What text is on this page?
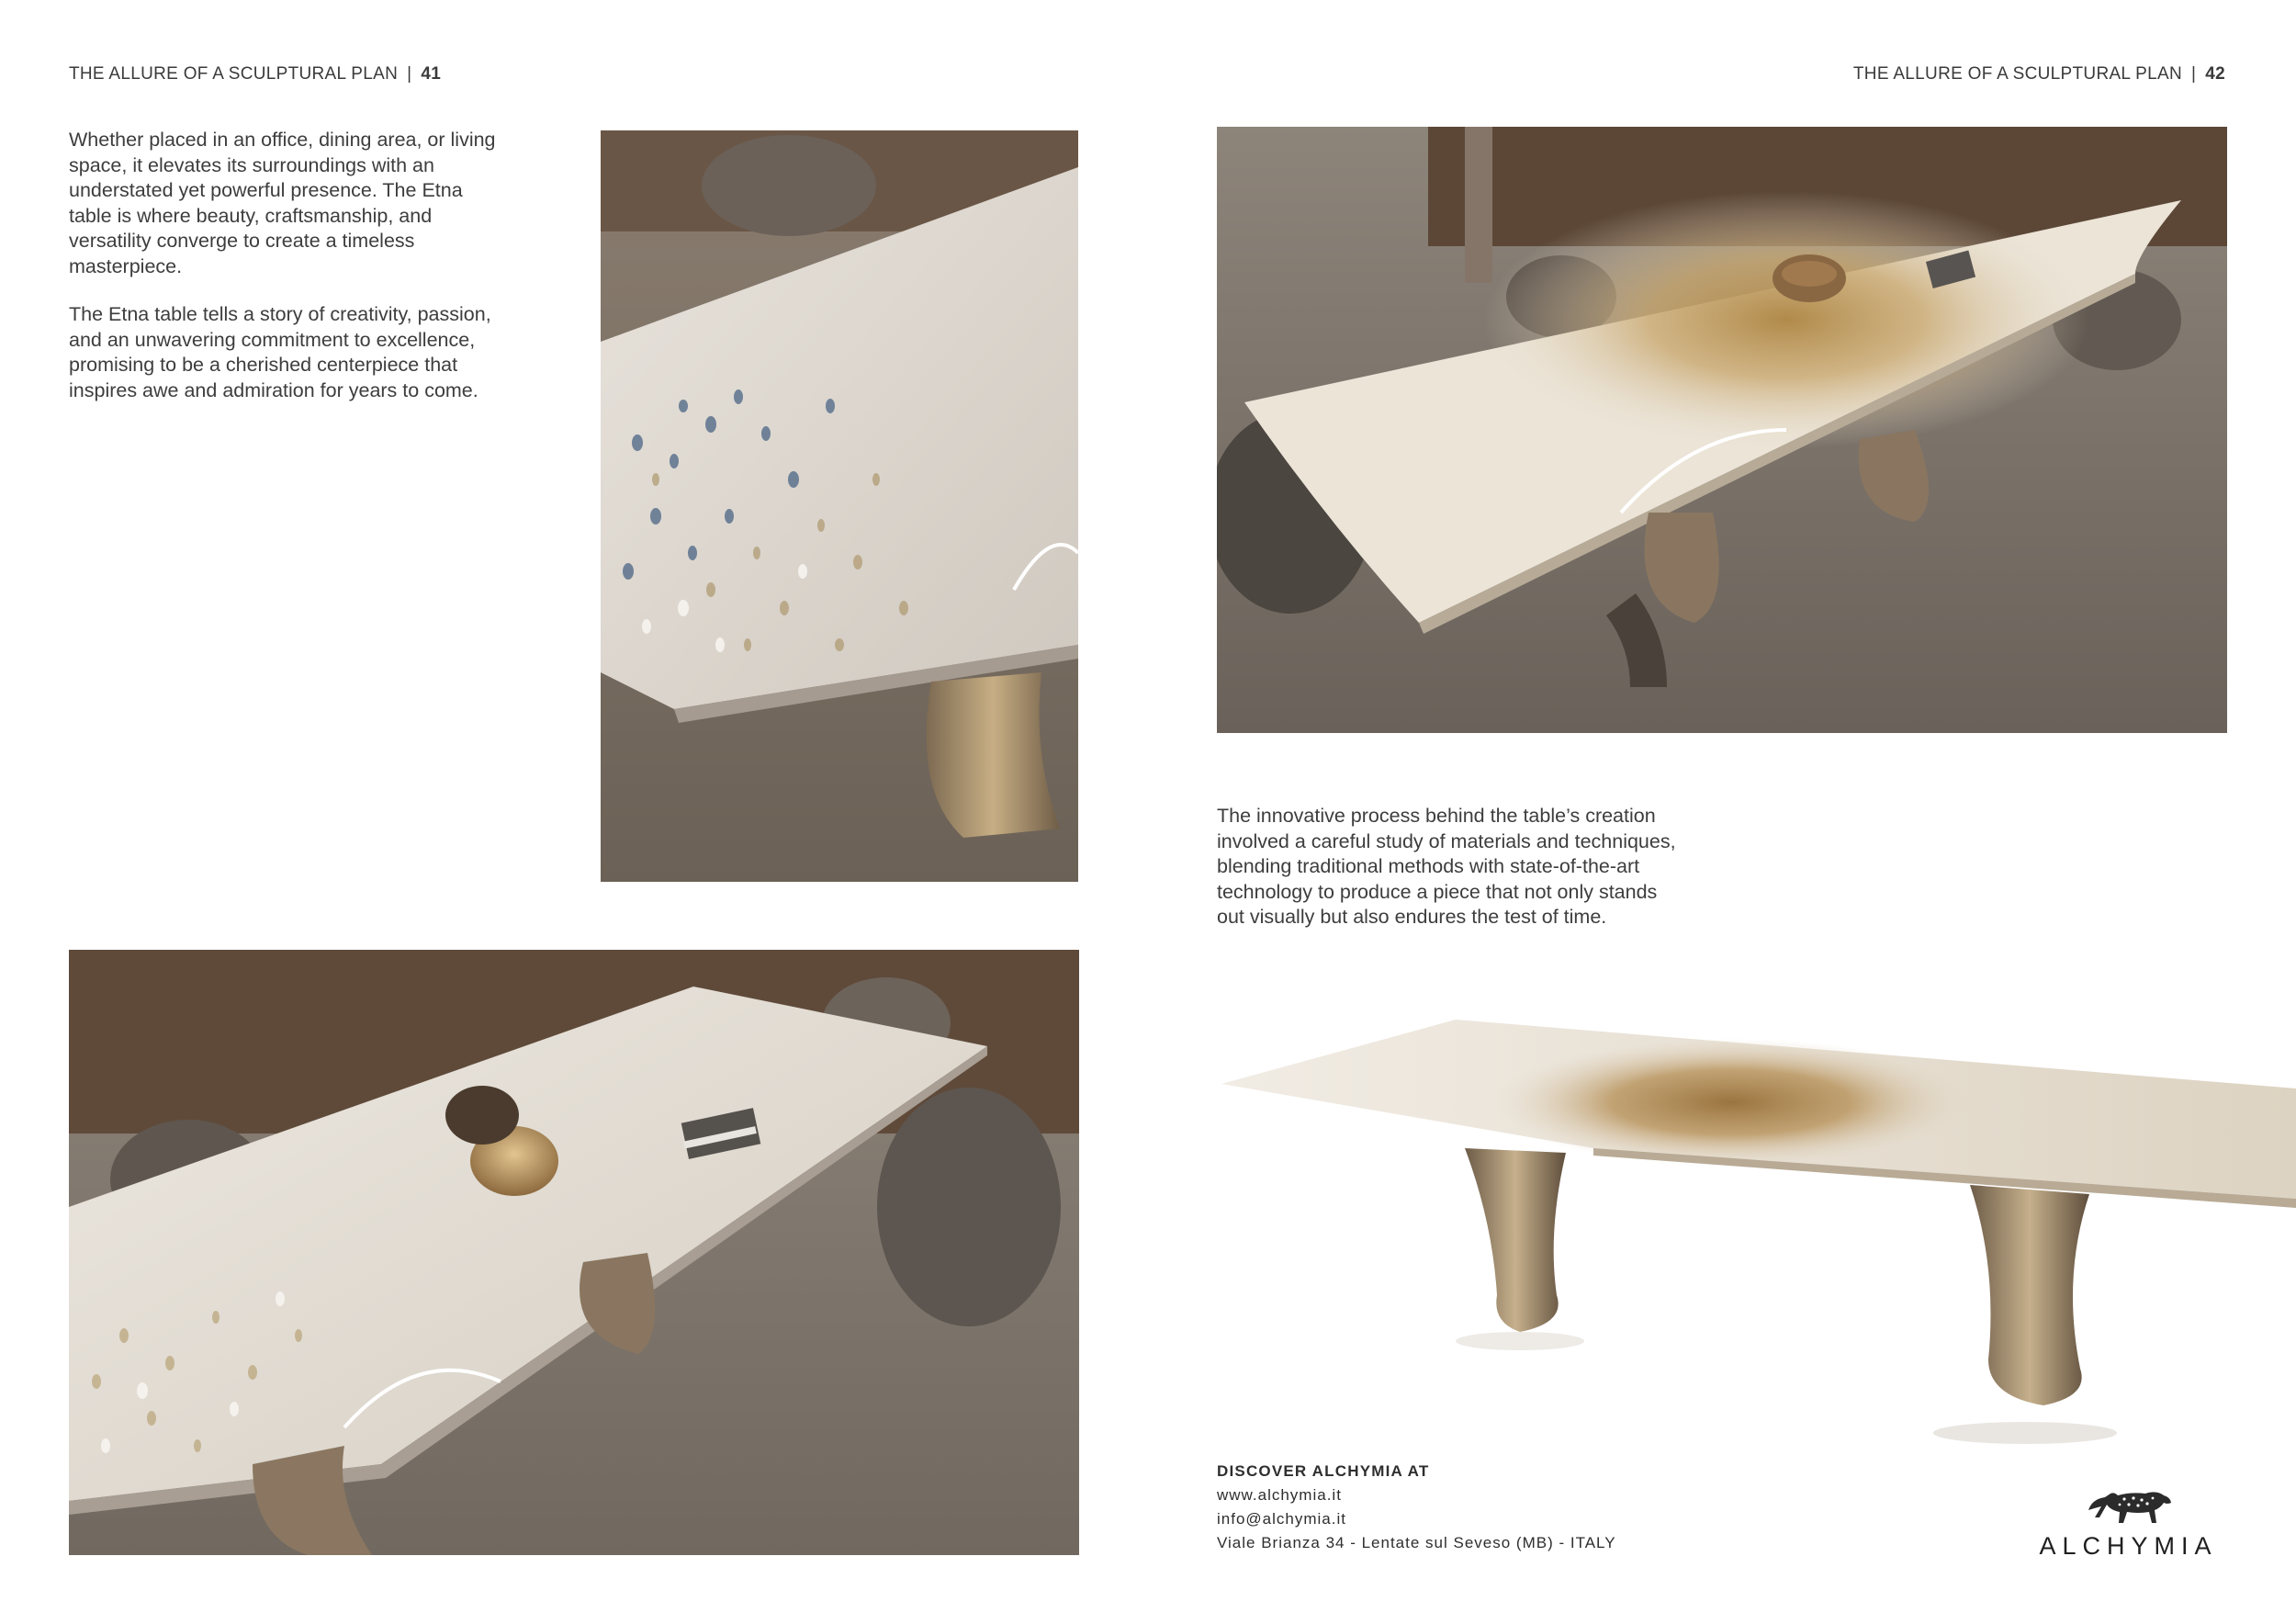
THE ALLURE OF A SCULPTURAL PLAN | 41	THE ALLURE OF A SCULPTURAL PLAN | 42

Whether placed in an office, dining area, or living space, it elevates its surroundings with an understated yet powerful presence. The Etna table is where beauty, craftsmanship, and versatility converge to create a timeless masterpiece.

The Etna table tells a story of creativity, passion, and an unwavering commitment to excellence, promising to be a cherished centerpiece that inspires awe and admiration for years to come.

The innovative process behind the table’s creation involved a careful study of materials and techniques, blending traditional methods with state-of-the-art technology to produce a piece that not only stands out visually but also endures the test of time.

DISCOVER ALCHYMIA AT
www.alchymia.it
info@alchymia.it
Viale Brianza 34 - Lentate sul Seveso (MB) - ITALY	ALCHYMIA
